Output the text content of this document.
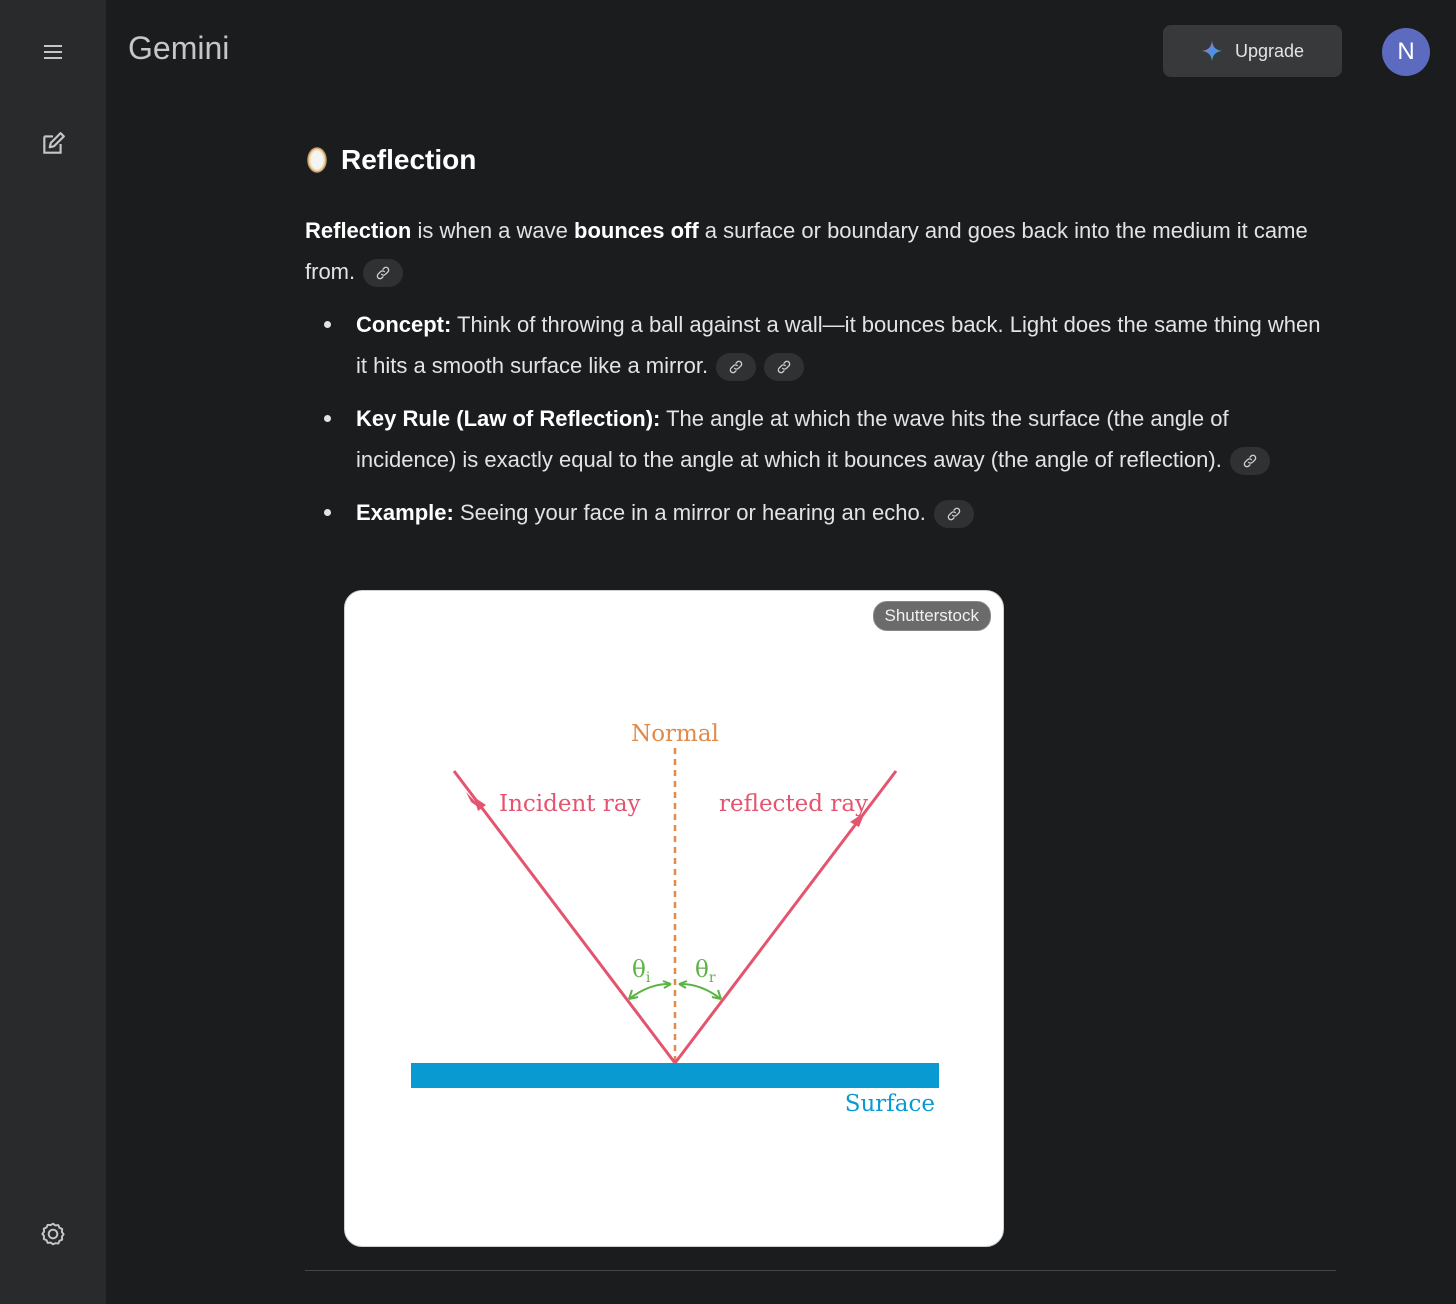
Gemini	Upgrade	N
Reflection

Reflection is when a wave bounces off a surface or boundary and goes back into the medium it came from.

Concept: Think of throwing a ball against a wall—it bounces back. Light does the same thing when it hits a smooth surface like a mirror.
Key Rule (Law of Reflection): The angle at which the wave hits the surface (the angle of incidence) is exactly equal to the angle at which it bounces away (the angle of reflection).
Example: Seeing your face in a mirror or hearing an echo.
Shutterstock
Normal
Incident ray	reflected ray
$\theta_i$ $\theta_r$
Surface
